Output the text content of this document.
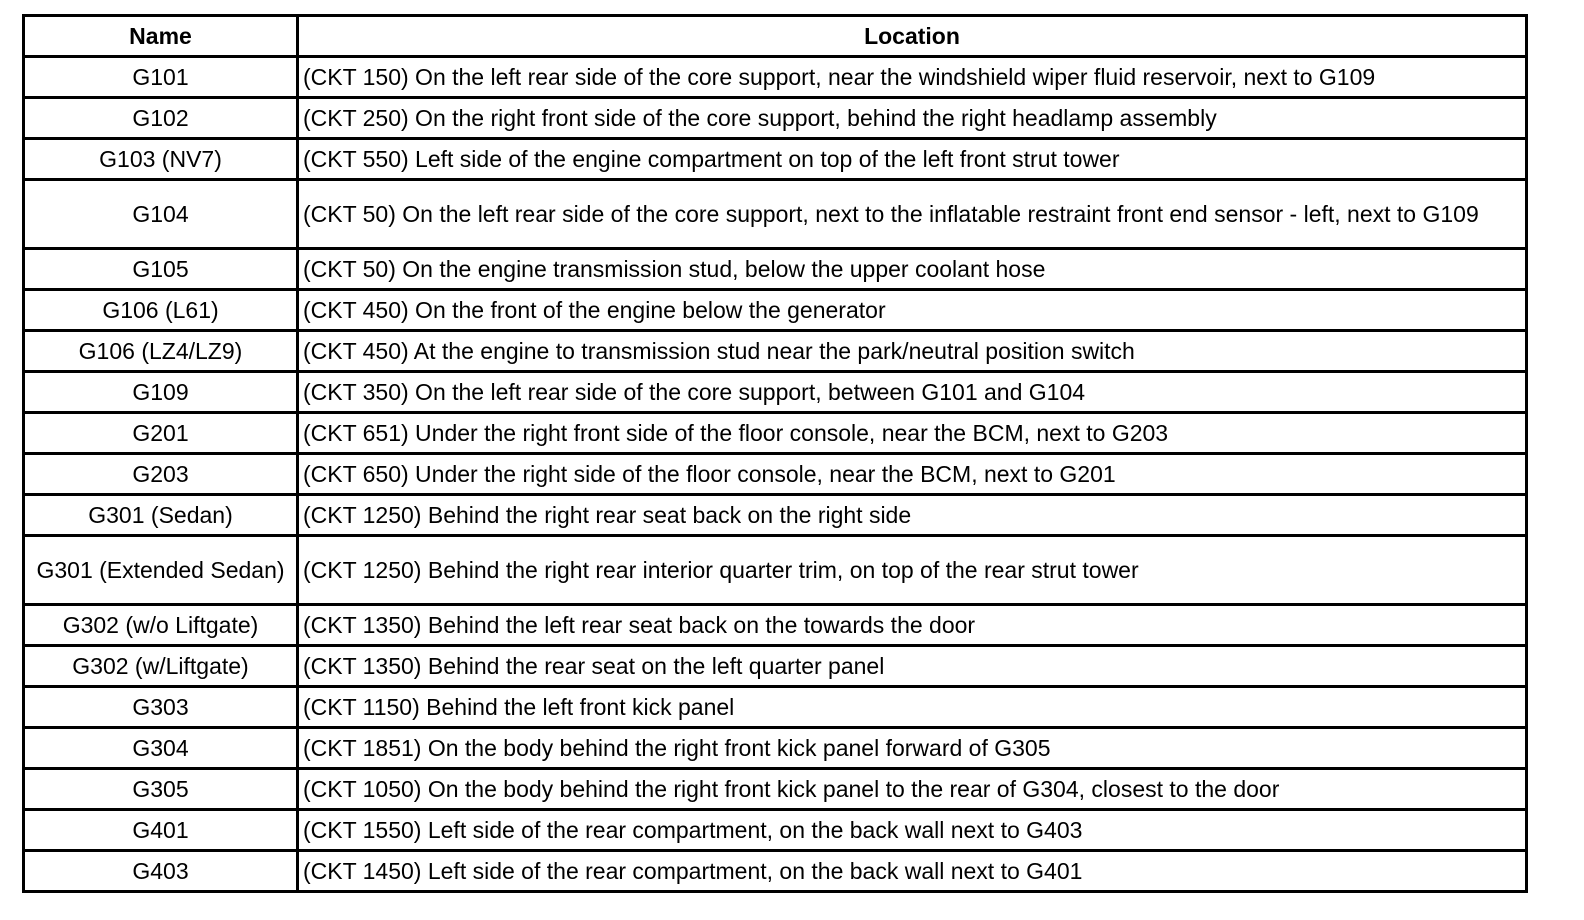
Name	Location
G101	(CKT 150) On the left rear side of the core support, near the windshield wiper fluid reservoir, next to G109
G102	(CKT 250) On the right front side of the core support, behind the right headlamp assembly
G103 (NV7)	(CKT 550) Left side of the engine compartment on top of the left front strut tower
G104	(CKT 50) On the left rear side of the core support, next to the inflatable restraint front end sensor - left, next to G109
G105	(CKT 50) On the engine transmission stud, below the upper coolant hose
G106 (L61)	(CKT 450) On the front of the engine below the generator
G106 (LZ4/LZ9)	(CKT 450) At the engine to transmission stud near the park/neutral position switch
G109	(CKT 350) On the left rear side of the core support, between G101 and G104
G201	(CKT 651) Under the right front side of the floor console, near the BCM, next to G203
G203	(CKT 650) Under the right side of the floor console, near the BCM, next to G201
G301 (Sedan)	(CKT 1250) Behind the right rear seat back on the right side
G301 (Extended Sedan)	(CKT 1250) Behind the right rear interior quarter trim, on top of the rear strut tower
G302 (w/o Liftgate)	(CKT 1350) Behind the left rear seat back on the towards the door
G302 (w/Liftgate)	(CKT 1350) Behind the rear seat on the left quarter panel
G303	(CKT 1150) Behind the left front kick panel
G304	(CKT 1851) On the body behind the right front kick panel forward of G305
G305	(CKT 1050) On the body behind the right front kick panel to the rear of G304, closest to the door
G401	(CKT 1550) Left side of the rear compartment, on the back wall next to G403
G403	(CKT 1450) Left side of the rear compartment, on the back wall next to G401
